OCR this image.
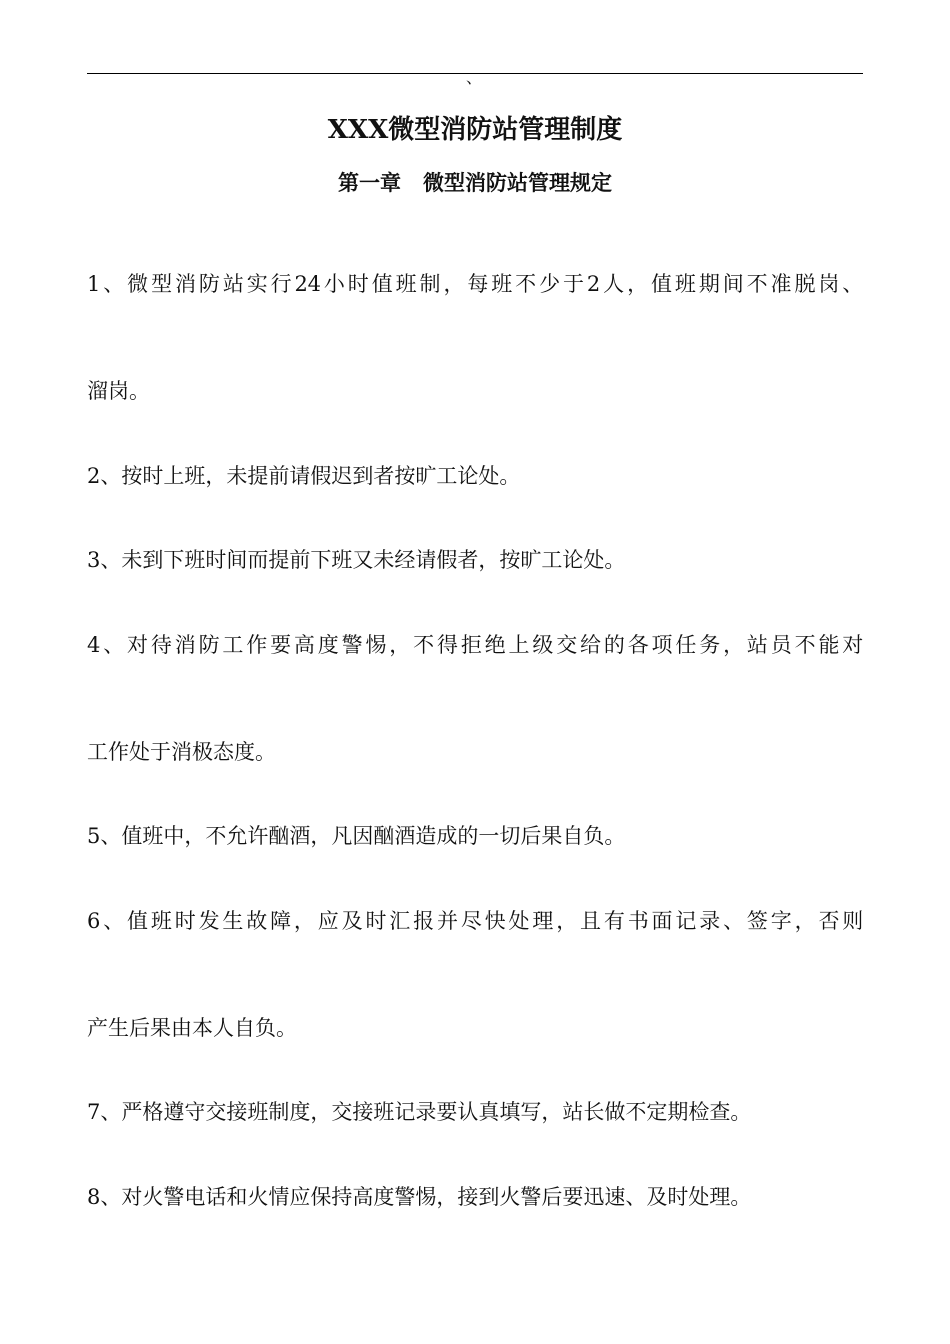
、
XXX微型消防站管理制度
第一章   微型消防站管理规定
1、微型消防站实行24小时值班制，每班不少于2人，值班期间不准脱岗、
溜岗。
2、按时上班，未提前请假迟到者按旷工论处。
3、未到下班时间而提前下班又未经请假者，按旷工论处。
4、对待消防工作要高度警惕，不得拒绝上级交给的各项任务，站员不能对
工作处于消极态度。
5、值班中，不允许酗酒，凡因酗酒造成的一切后果自负。
6、值班时发生故障，应及时汇报并尽快处理，且有书面记录、签字，否则
产生后果由本人自负。
7、严格遵守交接班制度，交接班记录要认真填写，站长做不定期检查。
8、对火警电话和火情应保持高度警惕，接到火警后要迅速、及时处理。
